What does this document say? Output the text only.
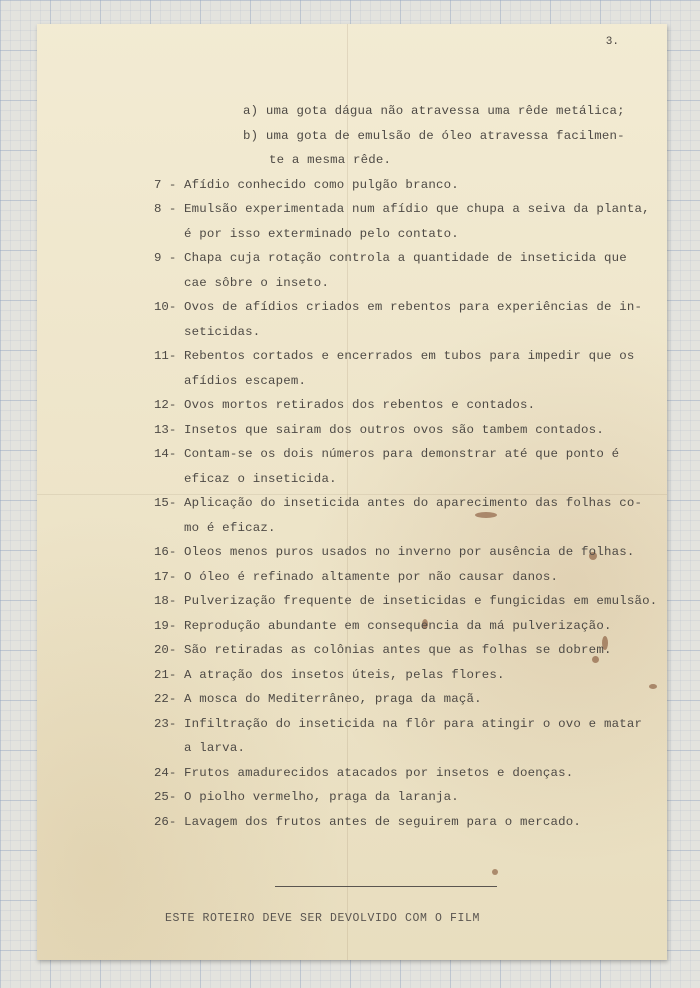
3.
a) uma gota dágua não atravessa uma rêde metálica;
b) uma gota de emulsão de óleo atravessa facilmen-
te a mesma rêde.
7 - Afídio conhecido como pulgão branco.
8 - Emulsão experimentada num afídio que chupa a seiva da planta,
é por isso exterminado pelo contato.
9 - Chapa cuja rotação controla a quantidade de inseticida que
cae sôbre o inseto.
10- Ovos de afídios criados em rebentos para experiências de in-
seticidas.
11- Rebentos cortados e encerrados em tubos para impedir que os
afídios escapem.
12- Ovos mortos retirados dos rebentos e contados.
13- Insetos que sairam dos outros ovos são tambem contados.
14- Contam-se os dois números para demonstrar até que ponto é
eficaz o inseticida.
15- Aplicação do inseticida antes do aparecimento das folhas co-
mo é eficaz.
16- Oleos menos puros usados no inverno por ausência de folhas.
17- O óleo é refinado altamente por não causar danos.
18- Pulverização frequente de inseticidas e fungicidas em emulsão.
19- Reprodução abundante em consequencia da má pulverização.
20- São retiradas as colônias antes que as folhas se dobrem.
21- A atração dos insetos úteis, pelas flores.
22- A mosca do Mediterrâneo, praga da maçã.
23- Infiltração do inseticida na flôr para atingir o ovo e matar
a larva.
24- Frutos amadurecidos atacados por insetos e doenças.
25- O piolho vermelho, praga da laranja.
26- Lavagem dos frutos antes de seguirem para o mercado.
ESTE ROTEIRO DEVE SER DEVOLVIDO COM O FILM
